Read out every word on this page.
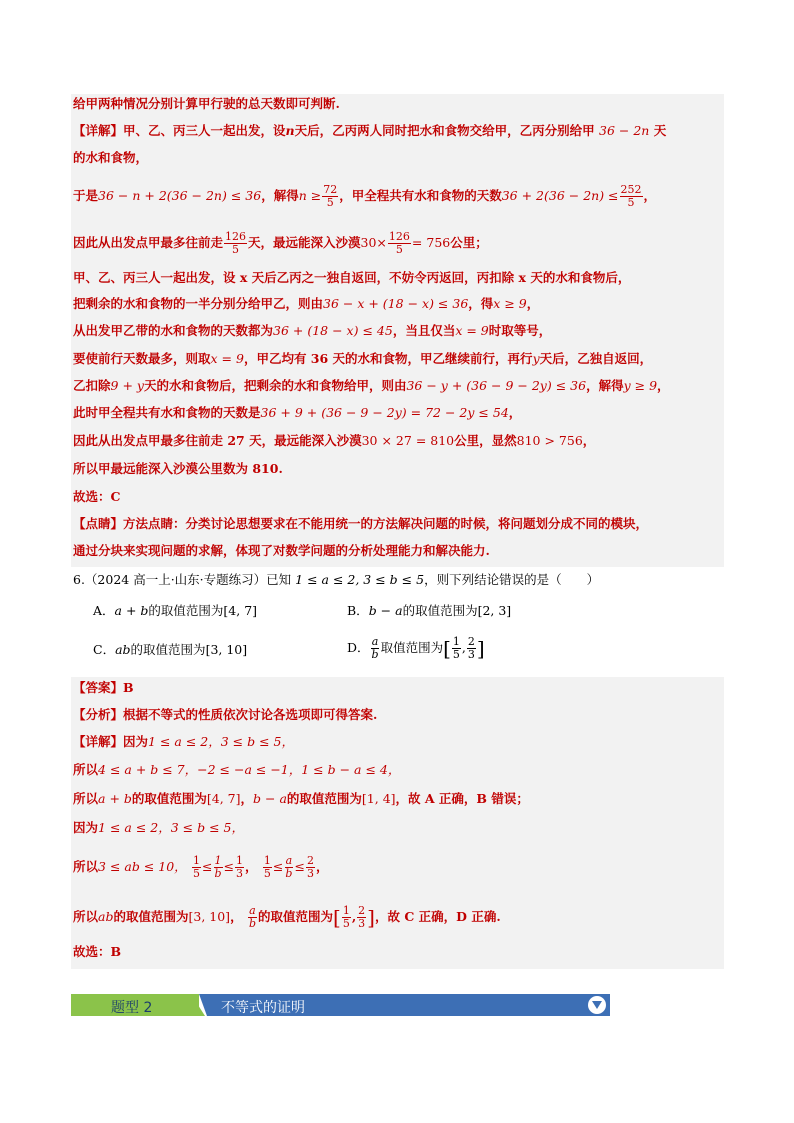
给甲两种情况分别计算甲行驶的总天数即可判断.
【详解】甲、乙、丙三人一起出发，设n天后，乙丙两人同时把水和食物交给甲，乙丙分别给甲 36 − 2n 天
的水和食物，
于是36 − n + 2(36 − 2n) ≤ 36，解得$n \ge \frac{72}{5}$ ，甲全程共有水和食物的天数$36 + 2(36 - 2n) \le \frac{252}{5}$ ，
因此从出发点甲最多往前走 $\frac{126}{5}$ 天，最远能深入沙漠$30\times \frac{126}{5} = 756$公里；
甲、乙、丙三人一起出发，设 x 天后乙丙之一独自返回，不妨令丙返回，丙扣除 x 天的水和食物后，
把剩余的水和食物的一半分别分给甲乙，则由36 − x + (18 − x) ≤ 36，得x ≥ 9，
从出发甲乙带的水和食物的天数都为36 + (18 − x) ≤ 45，当且仅当x = 9时取等号，
要使前行天数最多，则取x = 9，甲乙均有 36 天的水和食物，甲乙继续前行，再行y天后，乙独自返回，
乙扣除9 + y天的水和食物后，把剩余的水和食物给甲，则由36 − y + (36 − 9 − 2y) ≤ 36，解得y ≥ 9，
此时甲全程共有水和食物的天数是36 + 9 + (36 − 9 − 2y) = 72 − 2y ≤ 54，
因此从出发点甲最多往前走 27 天，最远能深入沙漠30 × 27 = 810公里，显然810 > 756，
所以甲最远能深入沙漠公里数为 810.
故选：C
【点睛】方法点睛：分类讨论思想要求在不能用统一的方法解决问题的时候，将问题划分成不同的模块，
通过分块来实现问题的求解，体现了对数学问题的分析处理能力和解决能力.
6.（2024 高一上·山东·专题练习）已知 1 ≤ a ≤ 2, 3 ≤ b ≤ 5，则下列结论错误的是（　　）
A．a + b的取值范围为[4, 7]	B．b − a的取值范围为[2, 3]
C．ab的取值范围为[3, 10]	D． $\frac{a}{b}$ 取值范围为[ $\frac{1}{5}$ , $\frac{2}{3}$ ]
【答案】B
【分析】根据不等式的性质依次讨论各选项即可得答案.
【详解】因为1 ≤ a ≤ 2，3 ≤ b ≤ 5，
所以4 ≤ a + b ≤ 7，−2 ≤ −a ≤ −1，1 ≤ b − a ≤ 4，
所以a + b的取值范围为[4, 7]，b − a的取值范围为[1, 4]，故 A 正确，B 错误；
因为1 ≤ a ≤ 2，3 ≤ b ≤ 5，
所以3 ≤ ab ≤ 10， $\frac{1}{5} \le \frac{1}{b} \le \frac{1}{3}$ ， $\frac{1}{5} \le \frac{a}{b} \le \frac{2}{3}$ ，
所以ab的取值范围为[3, 10]， $\frac{a}{b}$ 的取值范围为[ $\frac{1}{5}$ , $\frac{2}{3}$ ]，故 C 正确，D 正确.
故选：B
题型 2	不等式的证明
